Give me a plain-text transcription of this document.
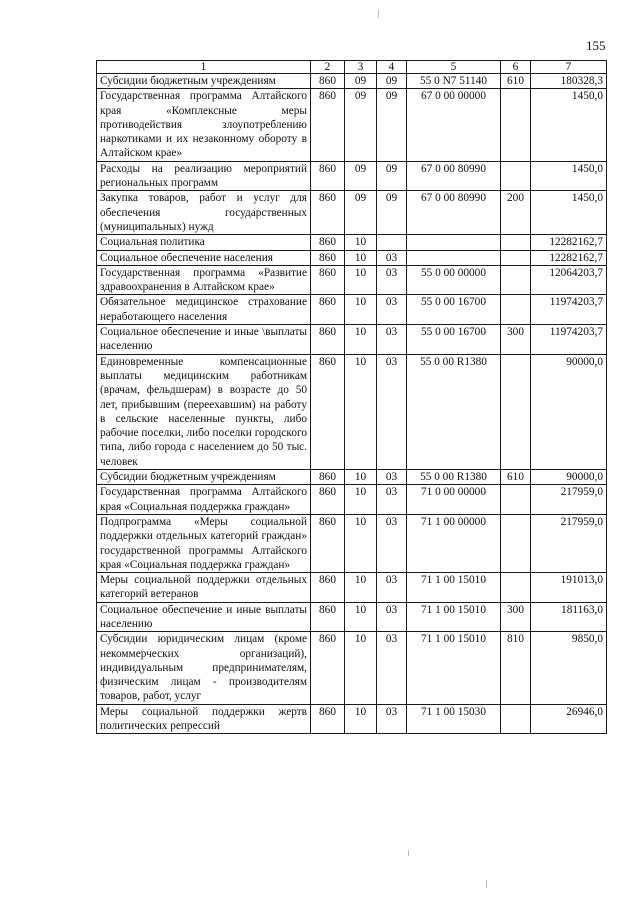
155
1	2	3	4	5	6	7
Субсидии бюджетным учреждениям	860	09	09	55 0 N7 51140	610	180328,3
Государственная программа Алтайского края «Комплексные меры противодействия злоупотреблению наркотиками и их незаконному обороту в Алтайском крае»	860	09	09	67 0 00 00000		1450,0
Расходы на реализацию мероприятий региональных программ	860	09	09	67 0 00 80990		1450,0
Закупка товаров, работ и услуг для обеспечения государственных (муниципальных) нужд	860	09	09	67 0 00 80990	200	1450,0
Социальная политика	860	10				12282162,7
Социальное обеспечение населения	860	10	03			12282162,7
Государственная программа «Развитие здравоохранения в Алтайском крае»	860	10	03	55 0 00 00000		12064203,7
Обязательное медицинское страхование неработающего населения	860	10	03	55 0 00 16700		11974203,7
Социальное обеспечение и иные \выплаты населению	860	10	03	55 0 00 16700	300	11974203,7
Единовременные компенсационные выплаты медицинским работникам (врачам, фельдшерам) в возрасте до 50 лет, прибывшим (переехавшим) на работу в сельские населенные пункты, либо рабочие поселки, либо поселки городского типа, либо города с населением до 50 тыс. человек	860	10	03	55 0 00 R1380		90000,0
Субсидии бюджетным учреждениям	860	10	03	55 0 00 R1380	610	90000,0
Государственная программа Алтайского края «Социальная поддержка граждан»	860	10	03	71 0 00 00000		217959,0
Подпрограмма «Меры социальной поддержки отдельных категорий граждан» государственной программы Алтайского края «Социальная поддержка граждан»	860	10	03	71 1 00 00000		217959,0
Меры социальной поддержки отдельных категорий ветеранов	860	10	03	71 1 00 15010		191013,0
Социальное обеспечение и иные выплаты населению	860	10	03	71 1 00 15010	300	181163,0
Субсидии юридическим лицам (кроме некоммерческих организаций), индивидуальным предпринимателям, физическим лицам - производителям товаров, работ, услуг	860	10	03	71 1 00 15010	810	9850,0
Меры социальной поддержки жертв политических репрессий	860	10	03	71 1 00 15030		26946,0
